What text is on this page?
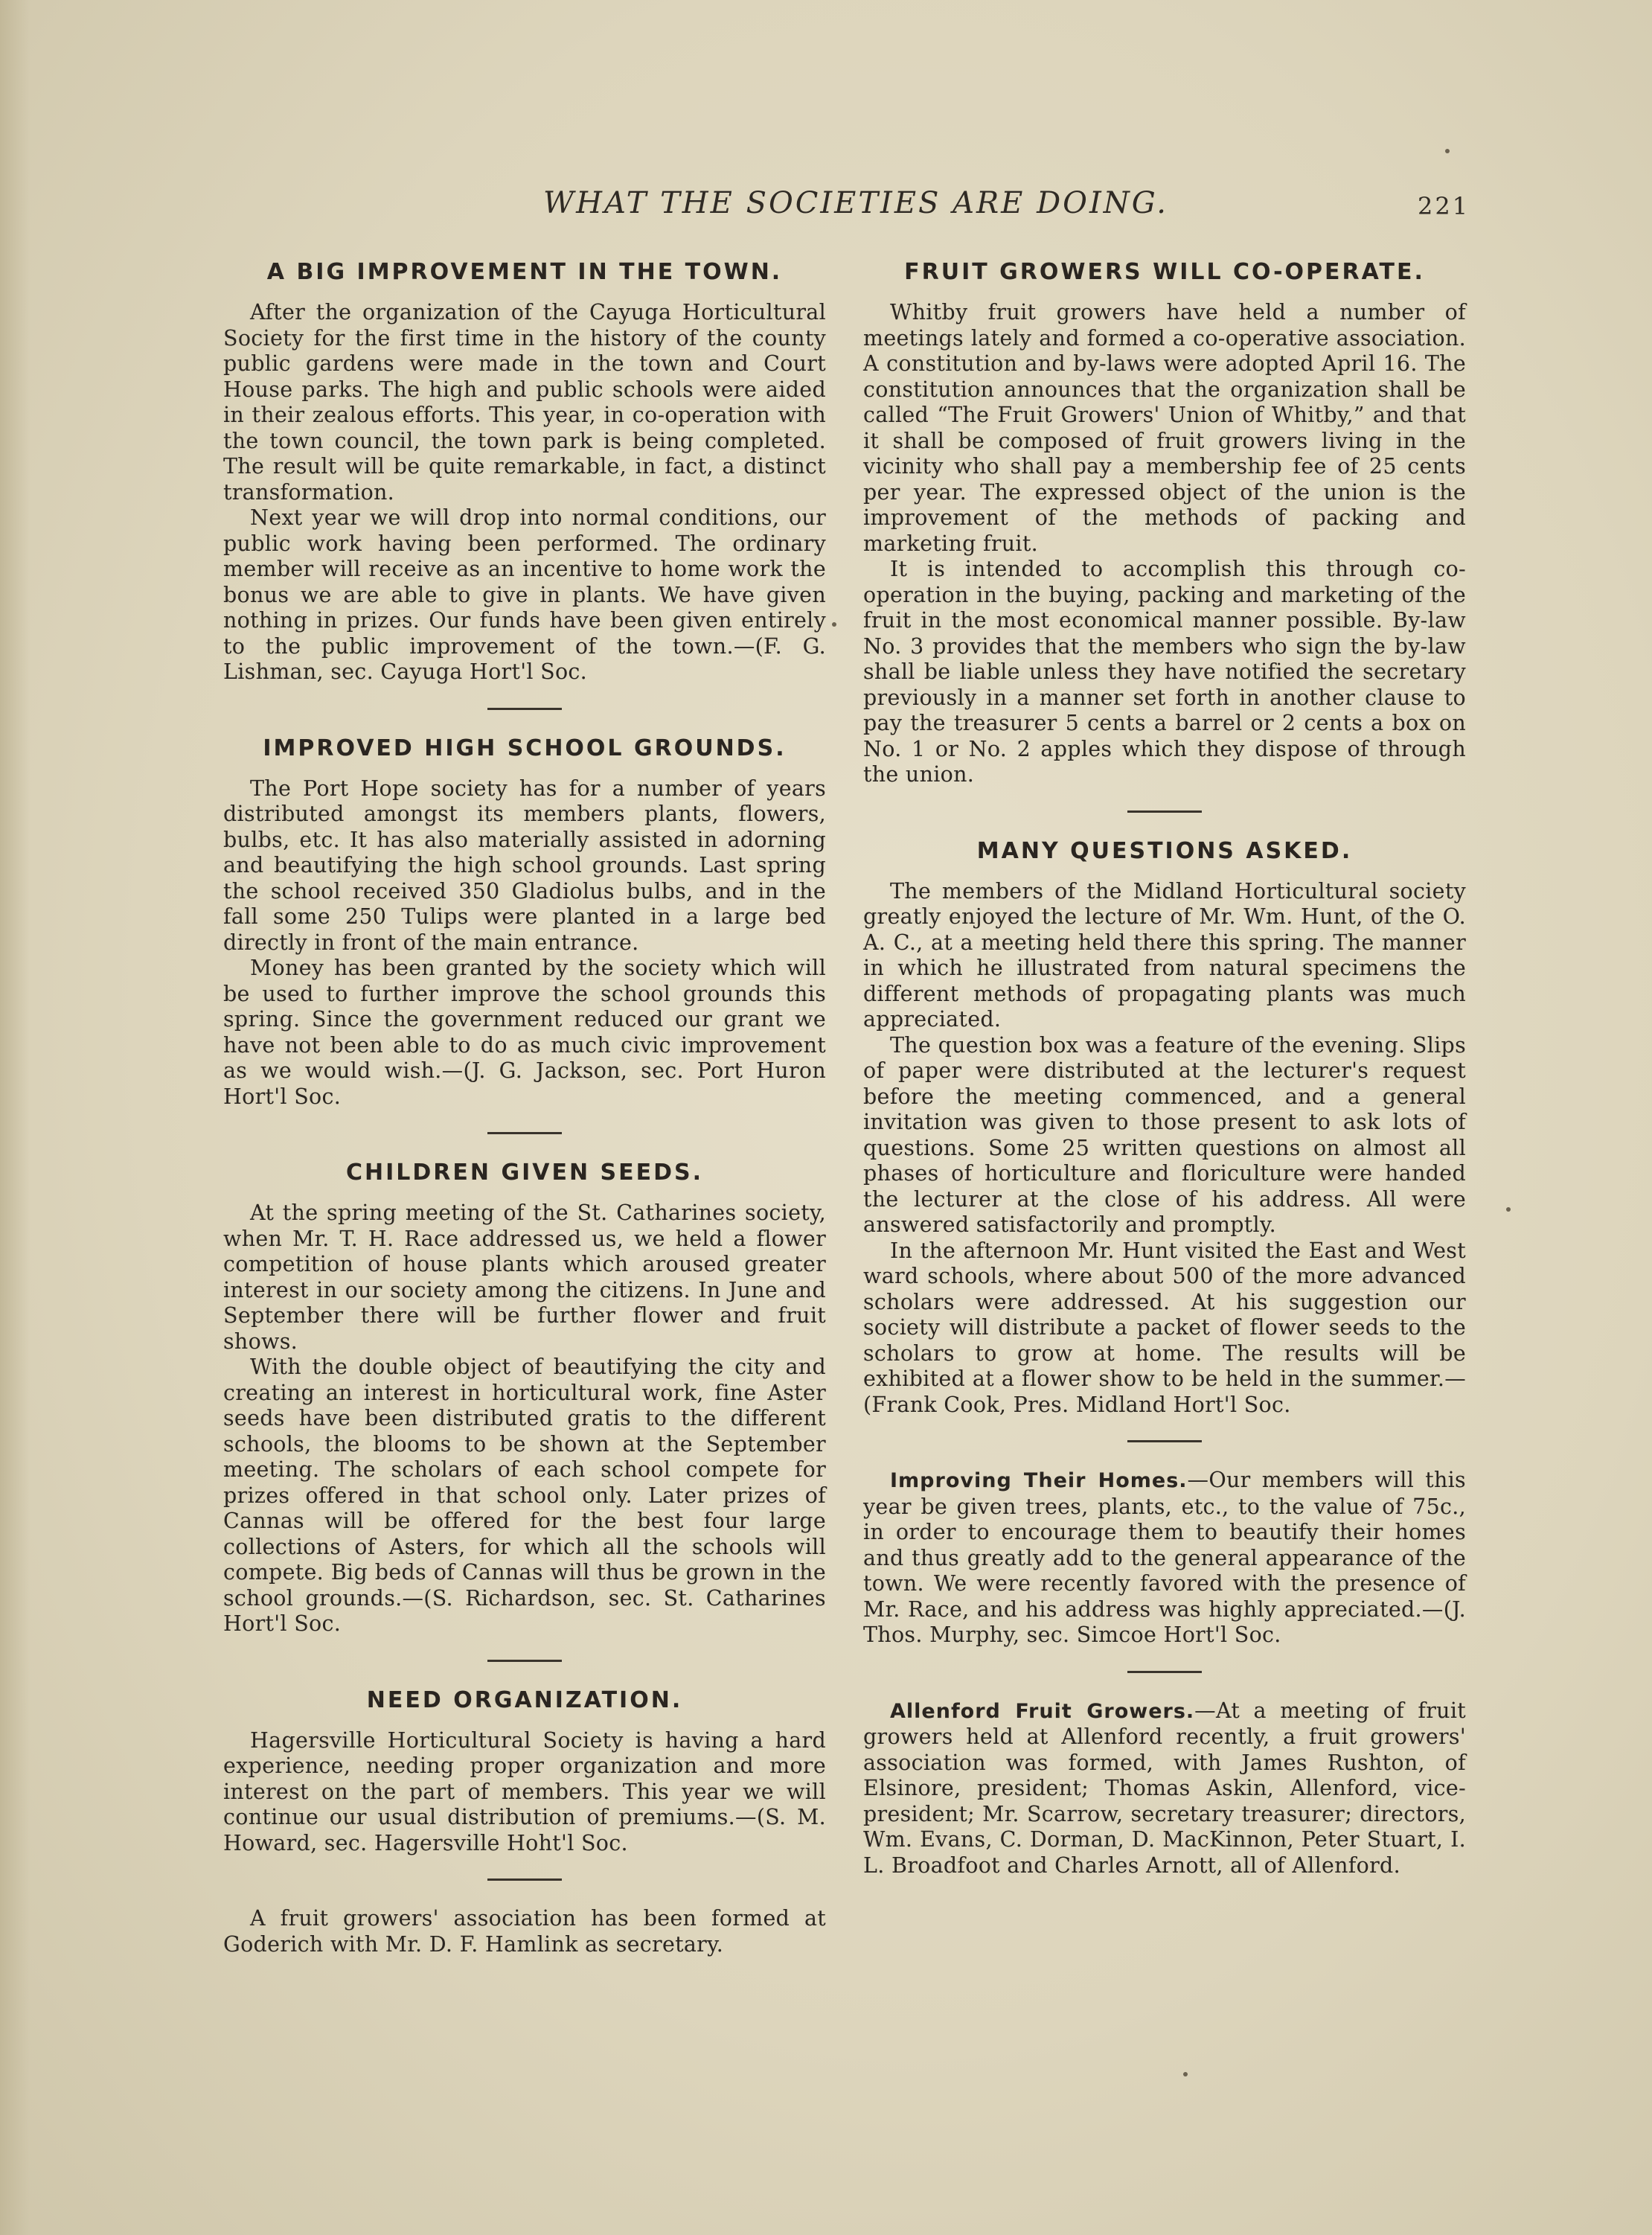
WHAT THE SOCIETIES ARE DOING.	221
A BIG IMPROVEMENT IN THE TOWN.

After the organization of the Cayuga Horticultural Society for the first time in the history of the county public gardens were made in the town and Court House parks. The high and public schools were aided in their zealous efforts. This year, in co-operation with the town council, the town park is being completed. The result will be quite remarkable, in fact, a distinct transformation.

Next year we will drop into normal conditions, our public work having been performed. The ordinary member will receive as an incentive to home work the bonus we are able to give in plants. We have given nothing in prizes. Our funds have been given entirely to the public improvement of the town.—(F. G. Lishman, sec. Cayuga Hort'l Soc.

IMPROVED HIGH SCHOOL GROUNDS.

The Port Hope society has for a number of years distributed amongst its members plants, flowers, bulbs, etc. It has also materially assisted in adorning and beautifying the high school grounds. Last spring the school received 350 Gladiolus bulbs, and in the fall some 250 Tulips were planted in a large bed directly in front of the main entrance.

Money has been granted by the society which will be used to further improve the school grounds this spring. Since the government reduced our grant we have not been able to do as much civic improvement as we would wish.—(J. G. Jackson, sec. Port Huron Hort'l Soc.

CHILDREN GIVEN SEEDS.

At the spring meeting of the St. Catharines society, when Mr. T. H. Race addressed us, we held a flower competition of house plants which aroused greater interest in our society among the citizens. In June and September there will be further flower and fruit shows.

With the double object of beautifying the city and creating an interest in horticultural work, fine Aster seeds have been distributed gratis to the different schools, the blooms to be shown at the September meeting. The scholars of each school compete for prizes offered in that school only. Later prizes of Cannas will be offered for the best four large collections of Asters, for which all the schools will compete. Big beds of Cannas will thus be grown in the school grounds.—(S. Richardson, sec. St. Catharines Hort'l Soc.

NEED ORGANIZATION.

Hagersville Horticultural Society is having a hard experience, needing proper organization and more interest on the part of members. This year we will continue our usual distribution of premiums.—(S. M. Howard, sec. Hagersville Hoht'l Soc.

A fruit growers' association has been formed at Goderich with Mr. D. F. Hamlink as secretary.

FRUIT GROWERS WILL CO-OPERATE.

Whitby fruit growers have held a number of meetings lately and formed a co-operative association. A constitution and by-laws were adopted April 16. The constitution announces that the organization shall be called “The Fruit Growers' Union of Whitby,” and that it shall be composed of fruit growers living in the vicinity who shall pay a membership fee of 25 cents per year. The expressed object of the union is the improvement of the methods of packing and marketing fruit.

It is intended to accomplish this through co-operation in the buying, packing and marketing of the fruit in the most economical manner possible. By-law No. 3 provides that the members who sign the by-law shall be liable unless they have notified the secretary previously in a manner set forth in another clause to pay the treasurer 5 cents a barrel or 2 cents a box on No. 1 or No. 2 apples which they dispose of through the union.

MANY QUESTIONS ASKED.

The members of the Midland Horticultural society greatly enjoyed the lecture of Mr. Wm. Hunt, of the O. A. C., at a meeting held there this spring. The manner in which he illustrated from natural specimens the different methods of propagating plants was much appreciated.

The question box was a feature of the evening. Slips of paper were distributed at the lecturer's request before the meeting commenced, and a general invitation was given to those present to ask lots of questions. Some 25 written questions on almost all phases of horticulture and floriculture were handed the lecturer at the close of his address. All were answered satisfactorily and promptly.

In the afternoon Mr. Hunt visited the East and West ward schools, where about 500 of the more advanced scholars were addressed. At his suggestion our society will distribute a packet of flower seeds to the scholars to grow at home. The results will be exhibited at a flower show to be held in the summer.—(Frank Cook, Pres. Midland Hort'l Soc.

Improving Their Homes.—Our members will this year be given trees, plants, etc., to the value of 75c., in order to encourage them to beautify their homes and thus greatly add to the general appearance of the town. We were recently favored with the presence of Mr. Race, and his address was highly appreciated.—(J. Thos. Murphy, sec. Simcoe Hort'l Soc.

Allenford Fruit Growers.—At a meeting of fruit growers held at Allenford recently, a fruit growers' association was formed, with James Rushton, of Elsinore, president; Thomas Askin, Allenford, vice-president; Mr. Scarrow, secretary treasurer; directors, Wm. Evans, C. Dorman, D. MacKinnon, Peter Stuart, I. L. Broadfoot and Charles Arnott, all of Allenford.
